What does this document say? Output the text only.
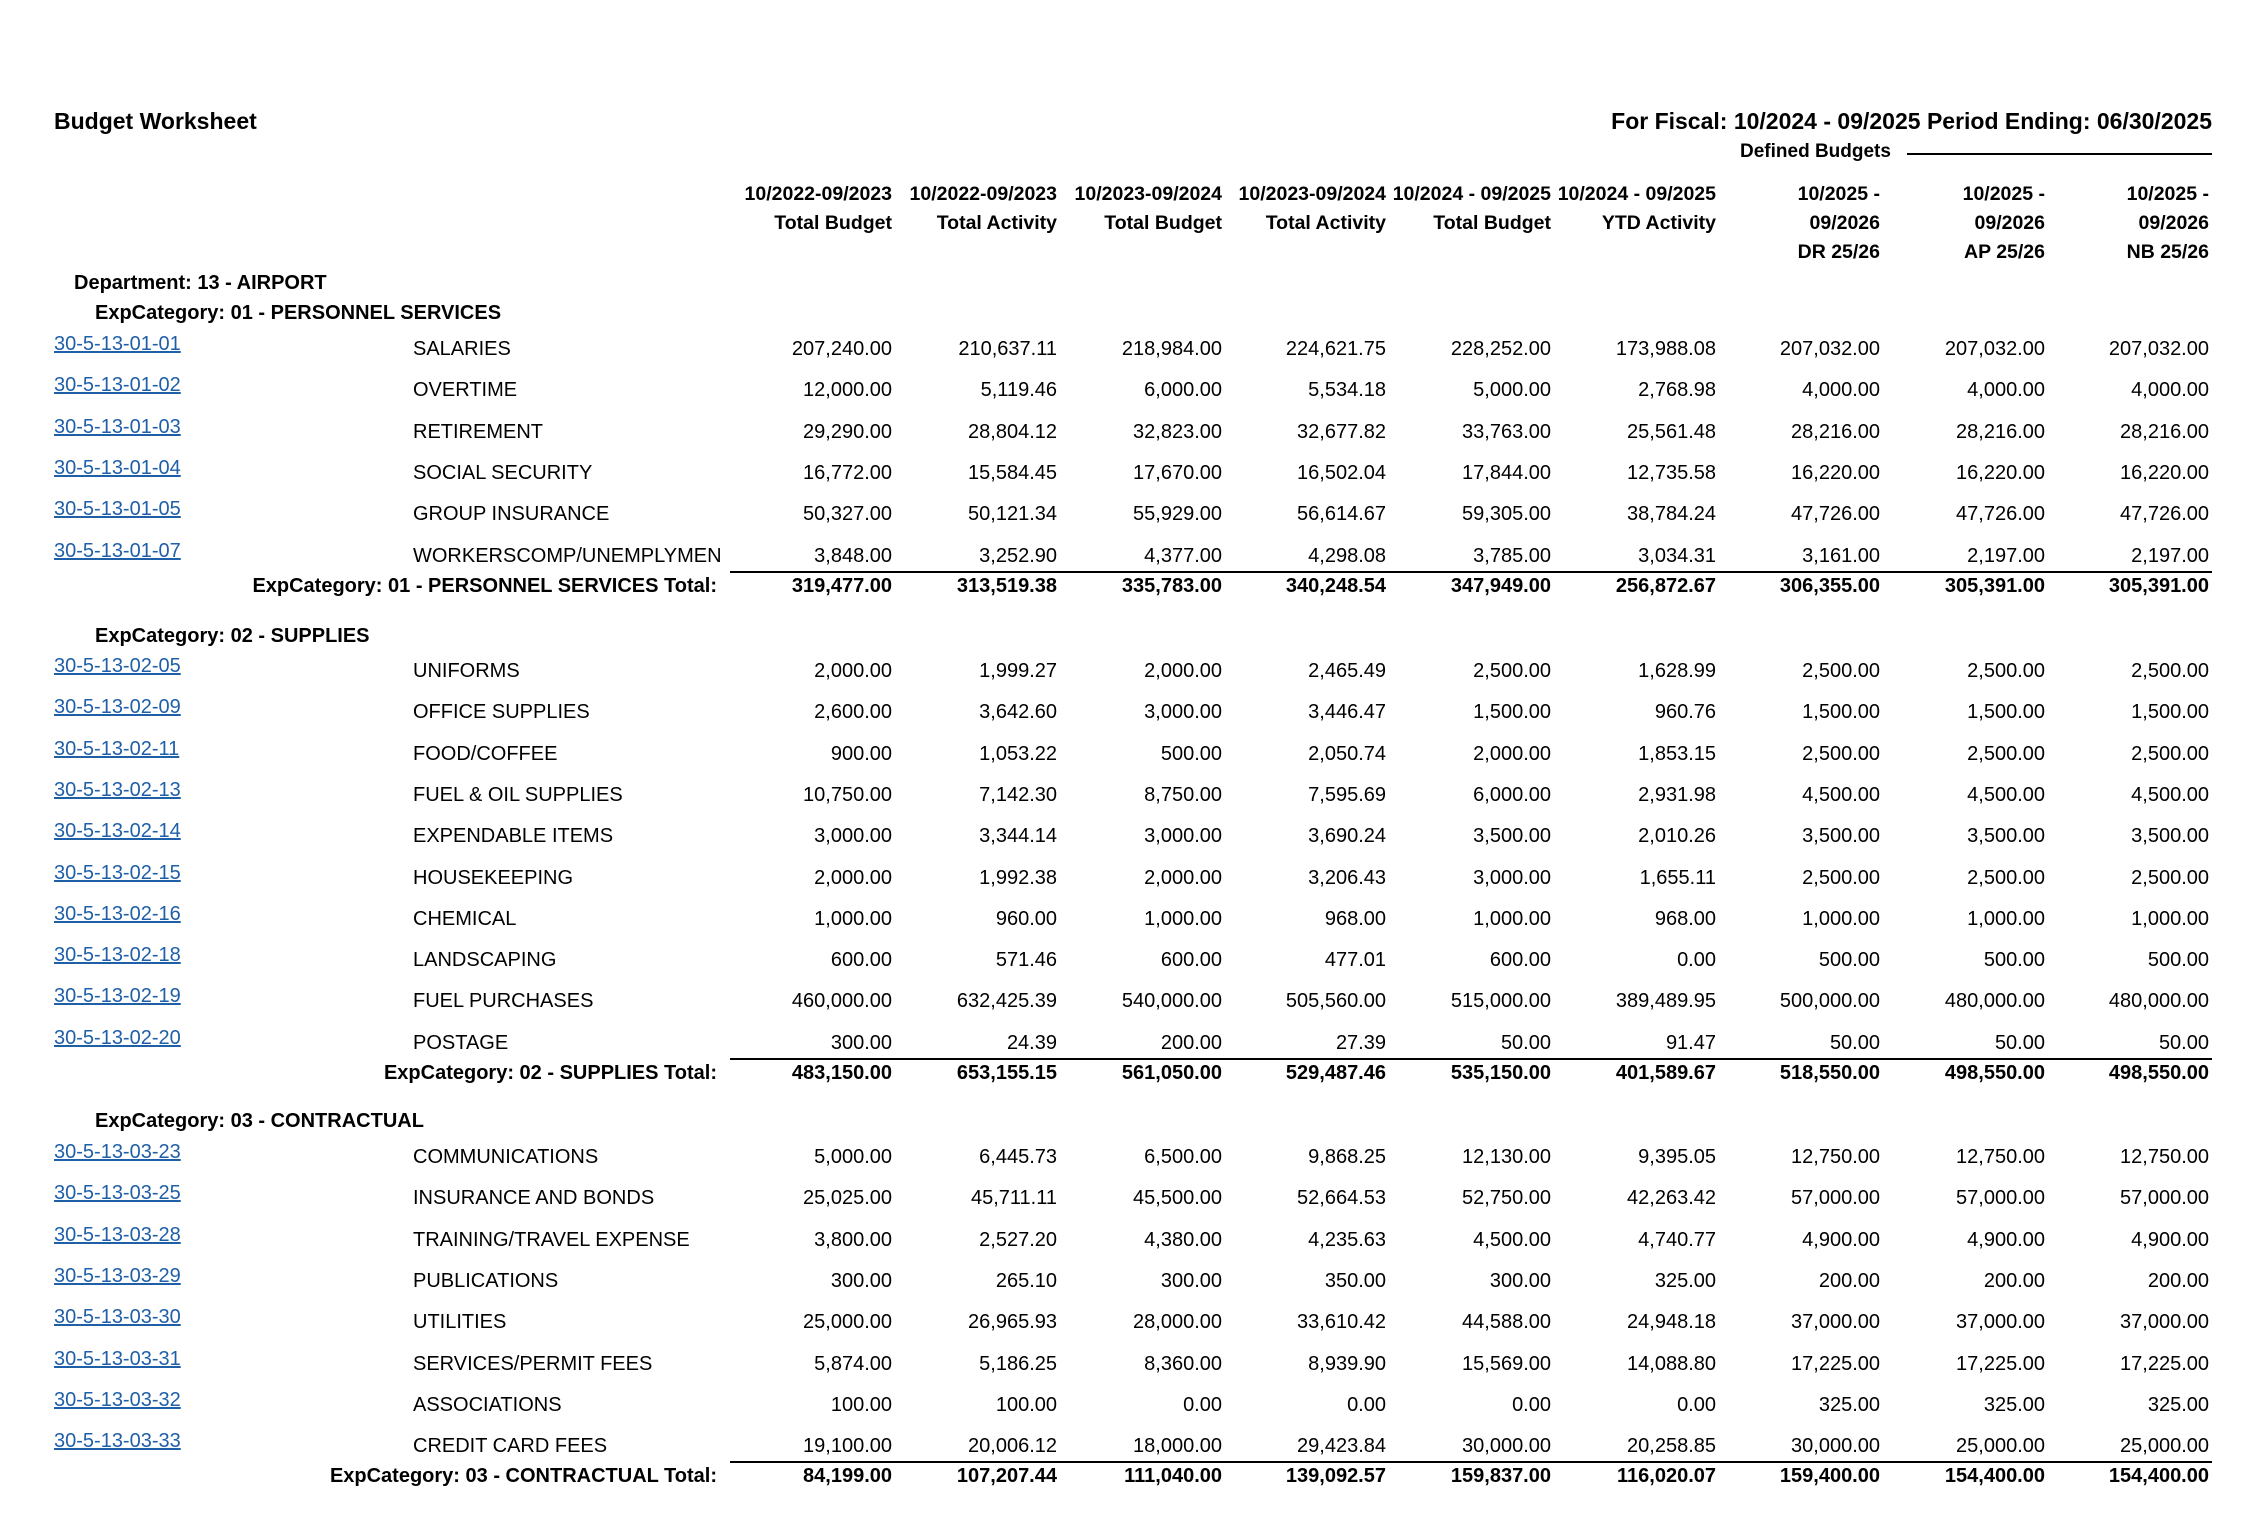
Budget Worksheet	For Fiscal: 10/2024 - 09/2025 Period Ending: 06/30/2025
Defined Budgets
10/2022-09/2023
Total Budget
10/2022-09/2023
Total Activity
10/2023-09/2024
Total Budget
10/2023-09/2024
Total Activity
10/2024 - 09/2025
Total Budget
10/2024 - 09/2025
YTD Activity
10/2025 -
09/2026
DR 25/26
10/2025 -
09/2026
AP 25/26
10/2025 -
09/2026
NB 25/26
Department: 13 - AIRPORT
ExpCategory: 01 - PERSONNEL SERVICES
30-5-13-01-01	SALARIES	207,240.00	210,637.11	218,984.00	224,621.75	228,252.00	173,988.08	207,032.00	207,032.00	207,032.00
30-5-13-01-02	OVERTIME	12,000.00	5,119.46	6,000.00	5,534.18	5,000.00	2,768.98	4,000.00	4,000.00	4,000.00
30-5-13-01-03	RETIREMENT	29,290.00	28,804.12	32,823.00	32,677.82	33,763.00	25,561.48	28,216.00	28,216.00	28,216.00
30-5-13-01-04	SOCIAL SECURITY	16,772.00	15,584.45	17,670.00	16,502.04	17,844.00	12,735.58	16,220.00	16,220.00	16,220.00
30-5-13-01-05	GROUP INSURANCE	50,327.00	50,121.34	55,929.00	56,614.67	59,305.00	38,784.24	47,726.00	47,726.00	47,726.00
30-5-13-01-07	WORKERSCOMP/UNEMPLYMEN	3,848.00	3,252.90	4,377.00	4,298.08	3,785.00	3,034.31	3,161.00	2,197.00	2,197.00
ExpCategory: 01 - PERSONNEL SERVICES Total:	319,477.00	313,519.38	335,783.00	340,248.54	347,949.00	256,872.67	306,355.00	305,391.00	305,391.00
ExpCategory: 02 - SUPPLIES
30-5-13-02-05	UNIFORMS	2,000.00	1,999.27	2,000.00	2,465.49	2,500.00	1,628.99	2,500.00	2,500.00	2,500.00
30-5-13-02-09	OFFICE SUPPLIES	2,600.00	3,642.60	3,000.00	3,446.47	1,500.00	960.76	1,500.00	1,500.00	1,500.00
30-5-13-02-11	FOOD/COFFEE	900.00	1,053.22	500.00	2,050.74	2,000.00	1,853.15	2,500.00	2,500.00	2,500.00
30-5-13-02-13	FUEL & OIL SUPPLIES	10,750.00	7,142.30	8,750.00	7,595.69	6,000.00	2,931.98	4,500.00	4,500.00	4,500.00
30-5-13-02-14	EXPENDABLE ITEMS	3,000.00	3,344.14	3,000.00	3,690.24	3,500.00	2,010.26	3,500.00	3,500.00	3,500.00
30-5-13-02-15	HOUSEKEEPING	2,000.00	1,992.38	2,000.00	3,206.43	3,000.00	1,655.11	2,500.00	2,500.00	2,500.00
30-5-13-02-16	CHEMICAL	1,000.00	960.00	1,000.00	968.00	1,000.00	968.00	1,000.00	1,000.00	1,000.00
30-5-13-02-18	LANDSCAPING	600.00	571.46	600.00	477.01	600.00	0.00	500.00	500.00	500.00
30-5-13-02-19	FUEL PURCHASES	460,000.00	632,425.39	540,000.00	505,560.00	515,000.00	389,489.95	500,000.00	480,000.00	480,000.00
30-5-13-02-20	POSTAGE	300.00	24.39	200.00	27.39	50.00	91.47	50.00	50.00	50.00
ExpCategory: 02 - SUPPLIES Total:	483,150.00	653,155.15	561,050.00	529,487.46	535,150.00	401,589.67	518,550.00	498,550.00	498,550.00
ExpCategory: 03 - CONTRACTUAL
30-5-13-03-23	COMMUNICATIONS	5,000.00	6,445.73	6,500.00	9,868.25	12,130.00	9,395.05	12,750.00	12,750.00	12,750.00
30-5-13-03-25	INSURANCE AND BONDS	25,025.00	45,711.11	45,500.00	52,664.53	52,750.00	42,263.42	57,000.00	57,000.00	57,000.00
30-5-13-03-28	TRAINING/TRAVEL EXPENSE	3,800.00	2,527.20	4,380.00	4,235.63	4,500.00	4,740.77	4,900.00	4,900.00	4,900.00
30-5-13-03-29	PUBLICATIONS	300.00	265.10	300.00	350.00	300.00	325.00	200.00	200.00	200.00
30-5-13-03-30	UTILITIES	25,000.00	26,965.93	28,000.00	33,610.42	44,588.00	24,948.18	37,000.00	37,000.00	37,000.00
30-5-13-03-31	SERVICES/PERMIT FEES	5,874.00	5,186.25	8,360.00	8,939.90	15,569.00	14,088.80	17,225.00	17,225.00	17,225.00
30-5-13-03-32	ASSOCIATIONS	100.00	100.00	0.00	0.00	0.00	0.00	325.00	325.00	325.00
30-5-13-03-33	CREDIT CARD FEES	19,100.00	20,006.12	18,000.00	29,423.84	30,000.00	20,258.85	30,000.00	25,000.00	25,000.00
ExpCategory: 03 - CONTRACTUAL Total:	84,199.00	107,207.44	111,040.00	139,092.57	159,837.00	116,020.07	159,400.00	154,400.00	154,400.00
